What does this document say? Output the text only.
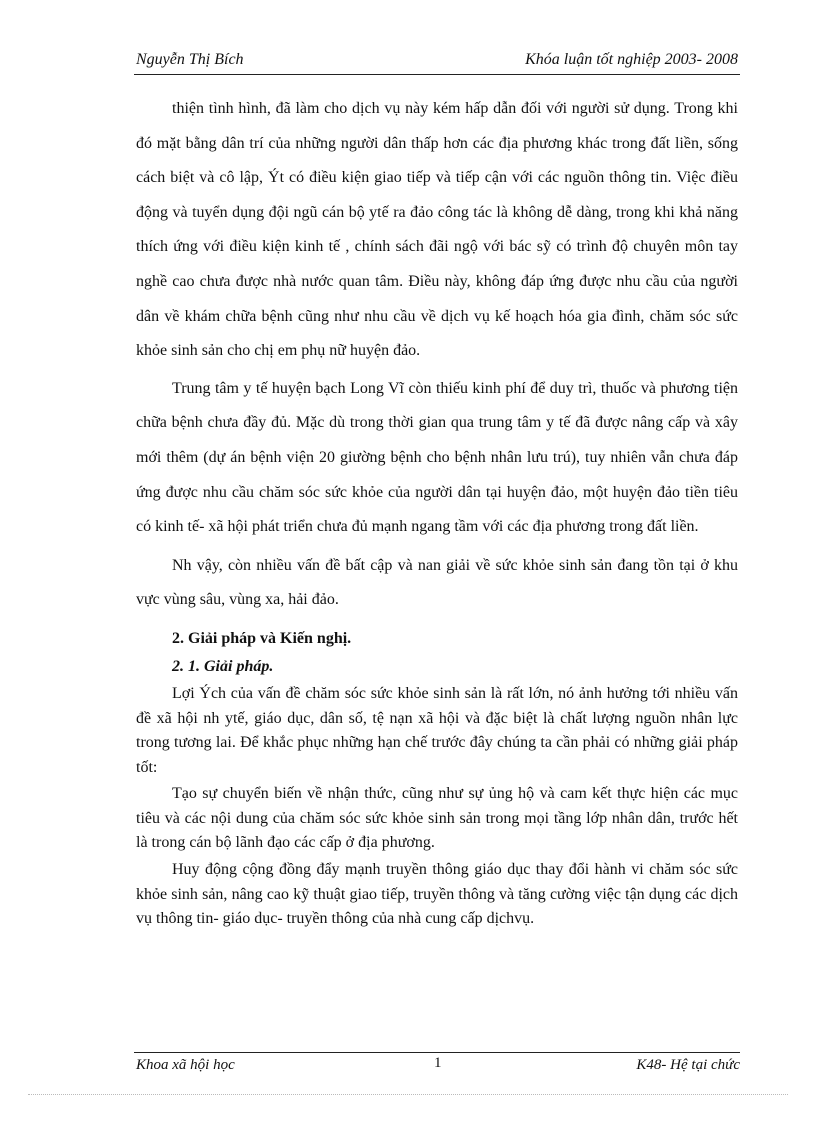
Nguyễn Thị Bích	Khóa luận tốt nghiệp 2003- 2008

thiện tình hình, đã làm cho dịch vụ này kém hấp dẫn đối với người sử dụng. Trong khi đó mặt bằng dân trí của những người dân thấp hơn các địa phương khác trong đất liền, sống cách biệt và cô lập, Ýt có điều kiện giao tiếp và tiếp cận với các nguồn thông tin. Việc điều động và tuyển dụng đội ngũ cán bộ ytế ra đảo công tác là không dễ dàng, trong khi khả năng thích ứng với điều kiện kinh tế , chính sách đãi ngộ với bác sỹ có trình độ chuyên môn tay nghề cao chưa được nhà nước quan tâm. Điều này, không đáp ứng được nhu cầu của người dân về khám chữa bệnh cũng như nhu cầu về dịch vụ kế hoạch hóa gia đình, chăm sóc sức khỏe sinh sản cho chị em phụ nữ huyện đảo.

Trung tâm y tế huyện bạch Long Vĩ còn thiếu kinh phí để duy trì, thuốc và phương tiện chữa bệnh chưa đầy đủ. Mặc dù trong thời gian qua trung tâm y tế đã được nâng cấp và xây mới thêm (dự án bệnh viện 20 giường bệnh cho bệnh nhân lưu trú), tuy nhiên vẫn chưa đáp ứng được nhu cầu chăm sóc sức khỏe của người dân tại huyện đảo, một huyện đảo tiền tiêu có kinh tế- xã hội phát triển chưa đủ mạnh ngang tầm với các địa phương trong đất liền.

Nh vậy, còn nhiều vấn đề bất cập và nan giải về sức khỏe sinh sản đang tồn tại ở khu vực vùng sâu, vùng xa, hải đảo.

2. Giải pháp và Kiến nghị.
2. 1. Giải pháp.

Lợi Ých của vấn đề chăm sóc sức khỏe sinh sản là rất lớn, nó ảnh hưởng tới nhiều vấn đề xã hội nh ytế, giáo dục, dân số, tệ nạn xã hội và đặc biệt là chất lượng nguồn nhân lực trong tương lai. Để khắc phục những hạn chế trước đây chúng ta cần phải có những giải pháp tốt:

Tạo sự chuyển biến về nhận thức, cũng như sự ủng hộ và cam kết thực hiện các mục tiêu và các nội dung của chăm sóc sức khỏe sinh sản trong mọi tầng lớp nhân dân, trước hết là trong cán bộ lãnh đạo các cấp ở địa phương.

Huy động cộng đồng đẩy mạnh truyền thông giáo dục thay đổi hành vi chăm sóc sức khỏe sinh sản, nâng cao kỹ thuật giao tiếp, truyền thông và tăng cường việc tận dụng các dịch vụ thông tin- giáo dục- truyền thông của nhà cung cấp dịchvụ.

Khoa xã hội học	1	K48- Hệ tại chức
